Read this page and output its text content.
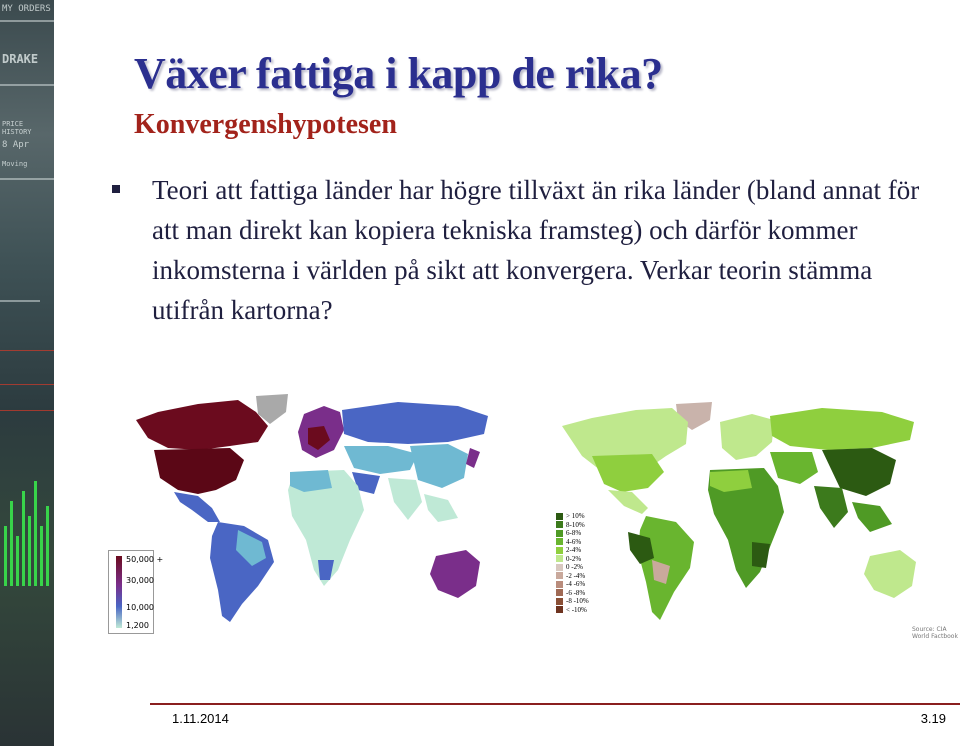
MY ORDERS
DRAKE
PRICE HISTORY
8 Apr
Moving
Växer fattiga i kapp de rika?
Konvergenshypotesen
Teori att fattiga länder har högre tillväxt än rika länder (bland annat för att man direkt kan kopiera tekniska framsteg) och därför kommer inkomsterna i världen på sikt att konvergera. Verkar teorin stämma utifrån kartorna?
50,000 +
30,000
10,000
1,200
> 10%
8-10%
6-8%
4-6%
2-4%
0-2%
0 -2%
-2 -4%
-4 -6%
-6 -8%
-8 -10%
< -10%
Source: CIA World Factbook
1.11.2014	3.19
